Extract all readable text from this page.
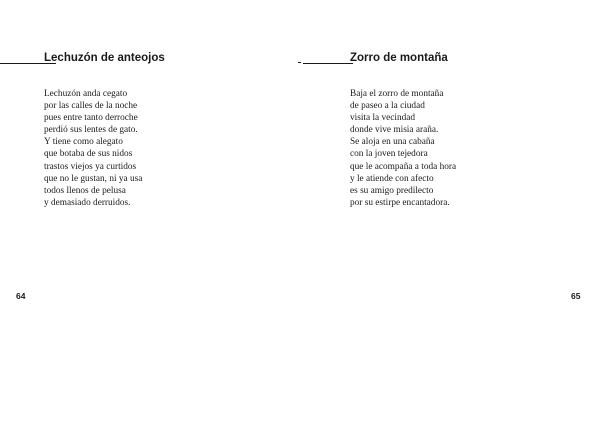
Lechuzón de anteojos
Lechuzón anda cegato
por las calles de la noche
pues entre tanto derroche
perdió sus lentes de gato.
Y tiene como alegato
que botaba de sus nidos
trastos viejos ya curtidos
que no le gustan, ni ya usa
todos llenos de pelusa
y demasiado derruidos.
64
Zorro de montaña
Baja el zorro de montaña
de paseo a la ciudad
visita la vecindad
donde vive misia araña.
Se aloja en una cabaña
con la joven tejedora
que le acompaña a toda hora
y le atiende con afecto
es su amigo predilecto
por su estirpe encantadora.
65
